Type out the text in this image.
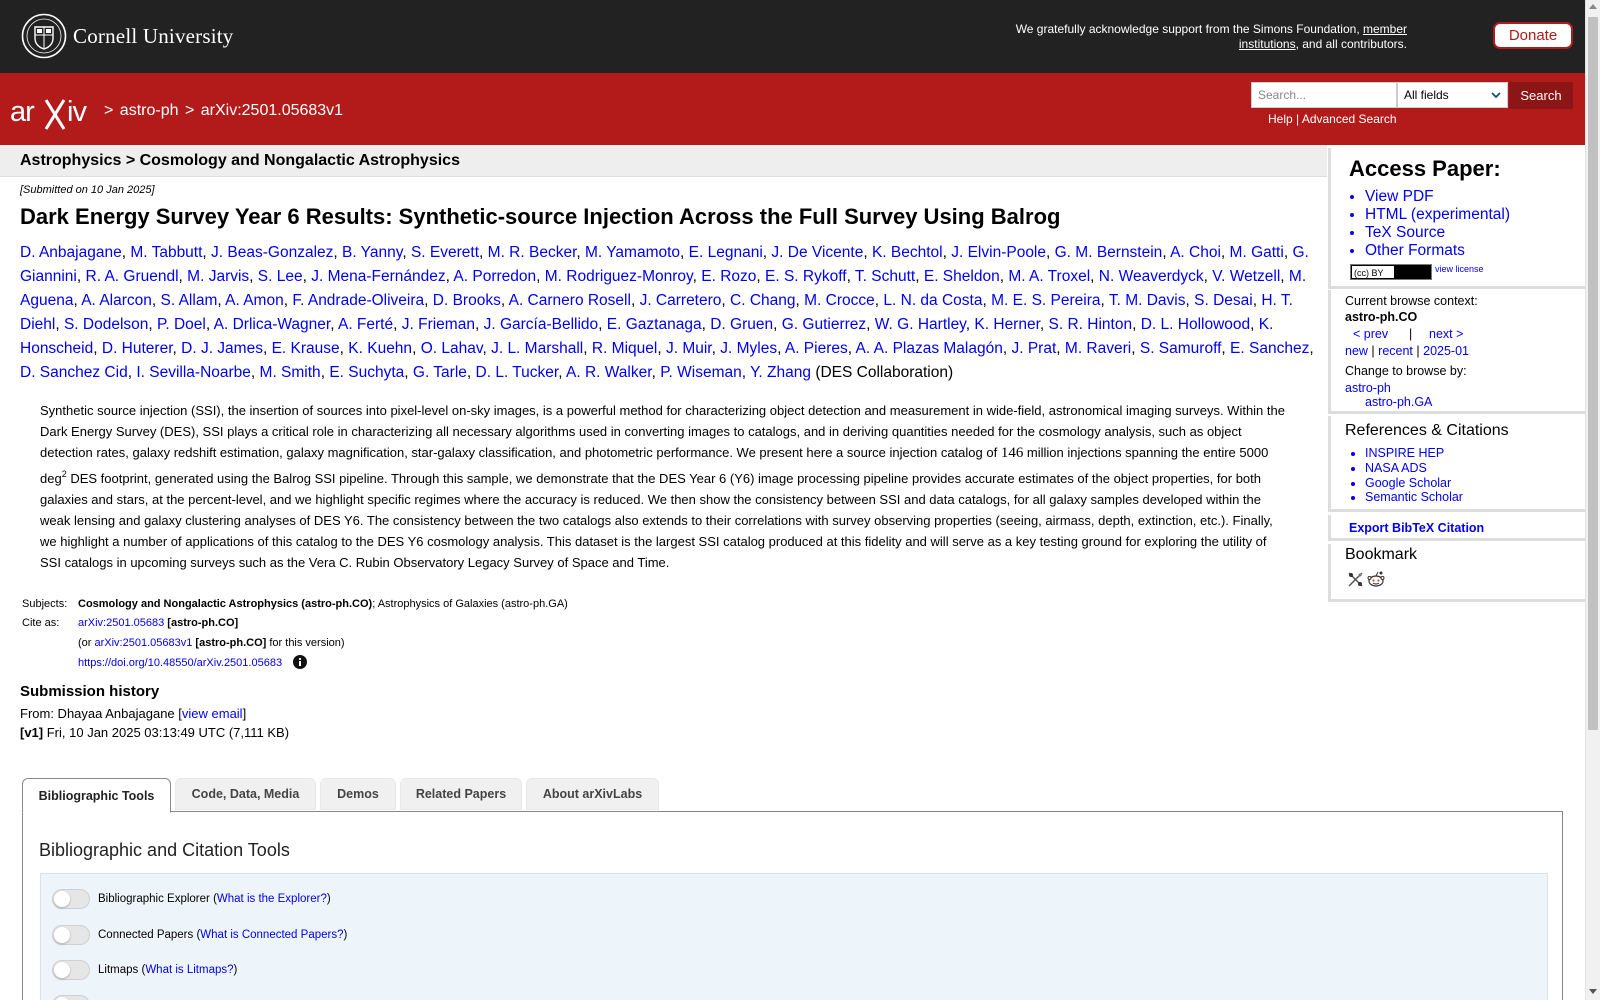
Cornell University	We gratefully acknowledge support from the Simons Foundation, member institutions, and all contributors.	Donate
ar iv > astro-ph > arXiv:2501.05683v1
Search...	All fields	Search
Help | Advanced Search
Astrophysics > Cosmology and Nongalactic Astrophysics
[Submitted on 10 Jan 2025]
Dark Energy Survey Year 6 Results: Synthetic-source Injection Across the Full Survey Using Balrog
D. Anbajagane, M. Tabbutt, J. Beas-Gonzalez, B. Yanny, S. Everett, M. R. Becker, M. Yamamoto, E. Legnani, J. De Vicente, K. Bechtol, J. Elvin-Poole, G. M. Bernstein, A. Choi, M. Gatti, G. Giannini, R. A. Gruendl, M. Jarvis, S. Lee, J. Mena-Fernández, A. Porredon, M. Rodriguez-Monroy, E. Rozo, E. S. Rykoff, T. Schutt, E. Sheldon, M. A. Troxel, N. Weaverdyck, V. Wetzell, M. Aguena, A. Alarcon, S. Allam, A. Amon, F. Andrade-Oliveira, D. Brooks, A. Carnero Rosell, J. Carretero, C. Chang, M. Crocce, L. N. da Costa, M. E. S. Pereira, T. M. Davis, S. Desai, H. T. Diehl, S. Dodelson, P. Doel, A. Drlica-Wagner, A. Ferté, J. Frieman, J. García-Bellido, E. Gaztanaga, D. Gruen, G. Gutierrez, W. G. Hartley, K. Herner, S. R. Hinton, D. L. Hollowood, K. Honscheid, D. Huterer, D. J. James, E. Krause, K. Kuehn, O. Lahav, J. L. Marshall, R. Miquel, J. Muir, J. Myles, A. Pieres, A. A. Plazas Malagón, J. Prat, M. Raveri, S. Samuroff, E. Sanchez, D. Sanchez Cid, I. Sevilla-Noarbe, M. Smith, E. Suchyta, G. Tarle, D. L. Tucker, A. R. Walker, P. Wiseman, Y. Zhang (DES Collaboration)
Synthetic source injection (SSI), the insertion of sources into pixel-level on-sky images, is a powerful method for characterizing object detection and measurement in wide-field, astronomical imaging surveys. Within the Dark Energy Survey (DES), SSI plays a critical role in characterizing all necessary algorithms used in converting images to catalogs, and in deriving quantities needed for the cosmology analysis, such as object detection rates, galaxy redshift estimation, galaxy magnification, star-galaxy classification, and photometric performance. We present here a source injection catalog of 146 million injections spanning the entire 5000 deg$^2$ DES footprint, generated using the Balrog SSI pipeline. Through this sample, we demonstrate that the DES Year 6 (Y6) image processing pipeline provides accurate estimates of the object properties, for both galaxies and stars, at the percent-level, and we highlight specific regimes where the accuracy is reduced. We then show the consistency between SSI and data catalogs, for all galaxy samples developed within the weak lensing and galaxy clustering analyses of DES Y6. The consistency between the two catalogs also extends to their correlations with survey observing properties (seeing, airmass, depth, extinction, etc.). Finally, we highlight a number of applications of this catalog to the DES Y6 cosmology analysis. This dataset is the largest SSI catalog produced at this fidelity and will serve as a key testing ground for exploring the utility of SSI catalogs in upcoming surveys such as the Vera C. Rubin Observatory Legacy Survey of Space and Time.
Subjects: Cosmology and Nongalactic Astrophysics (astro-ph.CO); Astrophysics of Galaxies (astro-ph.GA)
Cite as:	arXiv:2501.05683 [astro-ph.CO]
(or arXiv:2501.05683v1 [astro-ph.CO] for this version)
https://doi.org/10.48550/arXiv.2501.05683
Submission history
From: Dhayaa Anbajagane [view email]
[v1] Fri, 10 Jan 2025 03:13:49 UTC (7,111 KB)
Bibliographic Tools	Code, Data, Media	Demos	Related Papers	About arXivLabs
Bibliographic and Citation Tools
Bibliographic Explorer ( What is the Explorer? )
Connected Papers ( What is Connected Papers? )
Litmaps ( What is Litmaps? )
Access Paper:
• View PDF
• HTML (experimental)
• TeX Source
• Other Formats
(cc) BY	view license
Current browse context:
astro-ph.CO
< prev | next >
new | recent | 2025-01
Change to browse by:
astro-ph
astro-ph.GA
References & Citations
• INSPIRE HEP
• NASA ADS
• Google Scholar
• Semantic Scholar
Export BibTeX Citation
Bookmark
